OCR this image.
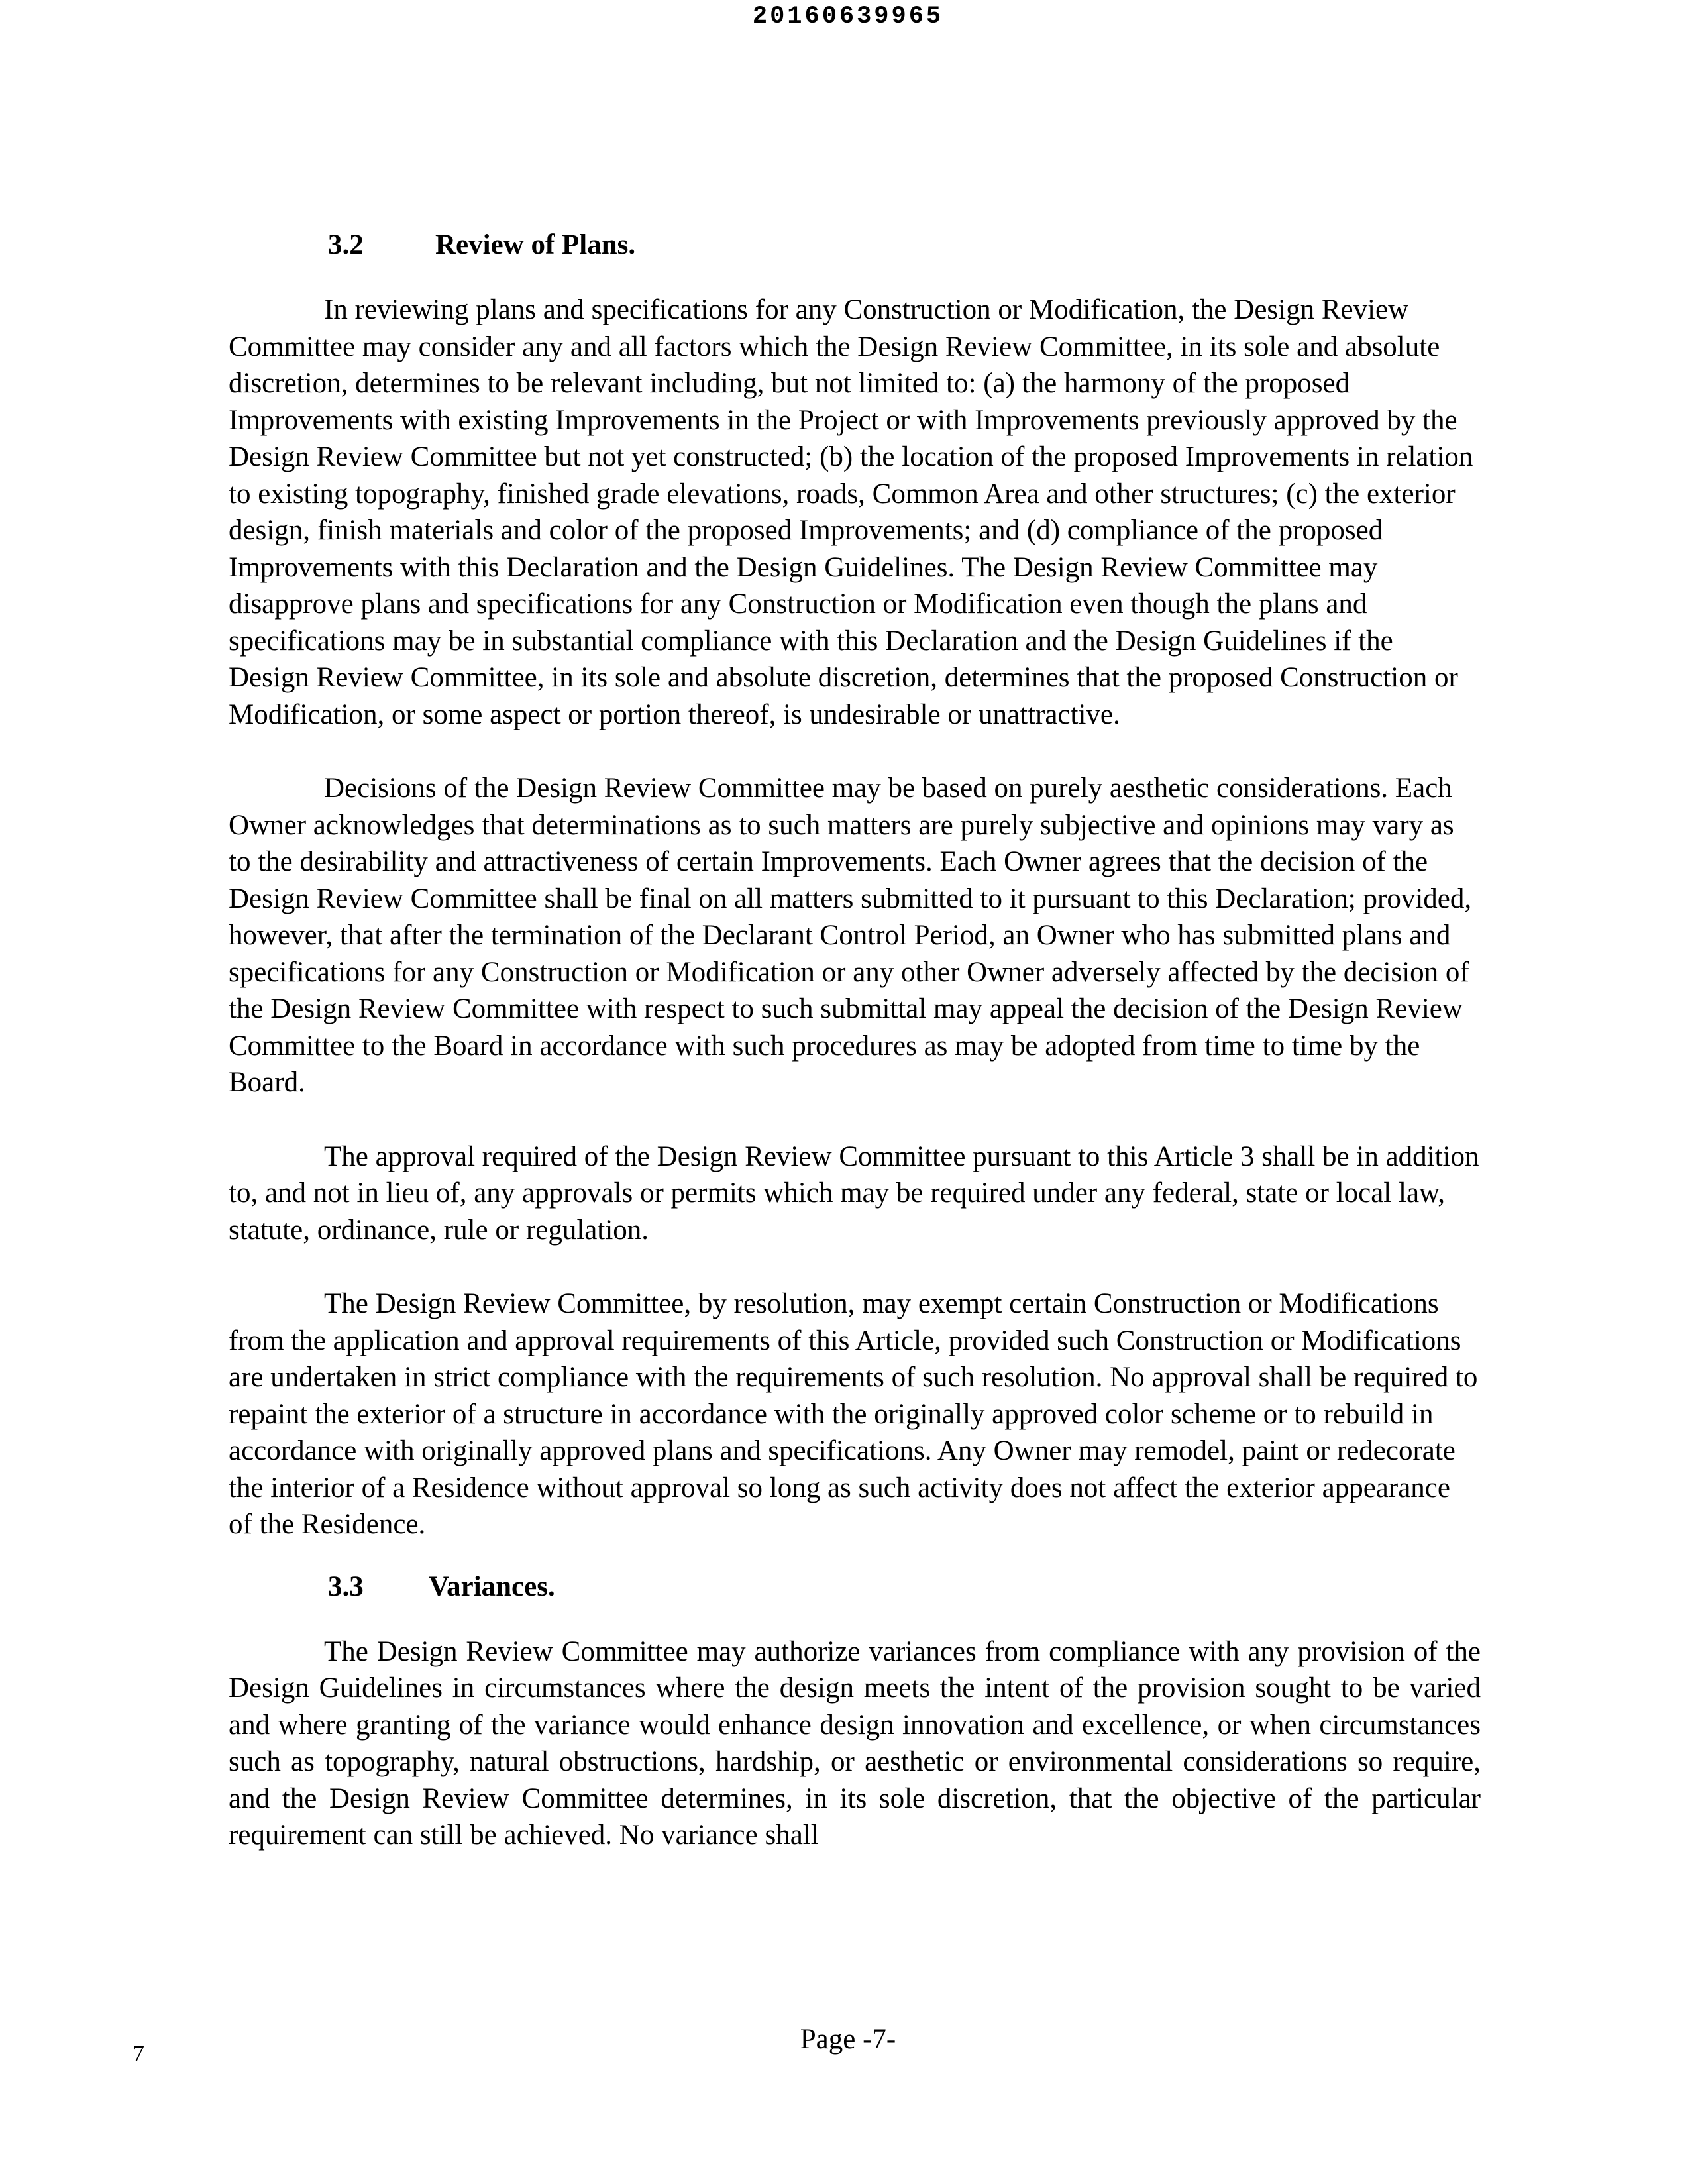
20160639965
3.2	Review of Plans.

In reviewing plans and specifications for any Construction or Modification, the Design Review Committee may consider any and all factors which the Design Review Committee, in its sole and absolute discretion, determines to be relevant including, but not limited to: (a) the harmony of the proposed Improvements with existing Improvements in the Project or with Improvements previously approved by the Design Review Committee but not yet constructed; (b) the location of the proposed Improvements in relation to existing topography, finished grade elevations, roads, Common Area and other structures; (c) the exterior design, finish materials and color of the proposed Improvements; and (d) compliance of the proposed Improvements with this Declaration and the Design Guidelines. The Design Review Committee may disapprove plans and specifications for any Construction or Modification even though the plans and specifications may be in substantial compliance with this Declaration and the Design Guidelines if the Design Review Committee, in its sole and absolute discretion, determines that the proposed Construction or Modification, or some aspect or portion thereof, is undesirable or unattractive.

Decisions of the Design Review Committee may be based on purely aesthetic considerations. Each Owner acknowledges that determinations as to such matters are purely subjective and opinions may vary as to the desirability and attractiveness of certain Improvements. Each Owner agrees that the decision of the Design Review Committee shall be final on all matters submitted to it pursuant to this Declaration; provided, however, that after the termination of the Declarant Control Period, an Owner who has submitted plans and specifications for any Construction or Modification or any other Owner adversely affected by the decision of the Design Review Committee with respect to such submittal may appeal the decision of the Design Review Committee to the Board in accordance with such procedures as may be adopted from time to time by the Board.

The approval required of the Design Review Committee pursuant to this Article 3 shall be in addition to, and not in lieu of, any approvals or permits which may be required under any federal, state or local law, statute, ordinance, rule or regulation.

The Design Review Committee, by resolution, may exempt certain Construction or Modifications from the application and approval requirements of this Article, provided such Construction or Modifications are undertaken in strict compliance with the requirements of such resolution. No approval shall be required to repaint the exterior of a structure in accordance with the originally approved color scheme or to rebuild in accordance with originally approved plans and specifications. Any Owner may remodel, paint or redecorate the interior of a Residence without approval so long as such activity does not affect the exterior appearance of the Residence.

3.3 Variances.

The Design Review Committee may authorize variances from compliance with any provision of the Design Guidelines in circumstances where the design meets the intent of the provision sought to be varied and where granting of the variance would enhance design innovation and excellence, or when circumstances such as topography, natural obstructions, hardship, or aesthetic or environmental considerations so require, and the Design Review Committee determines, in its sole discretion, that the objective of the particular requirement can still be achieved. No variance shall

Page -7-
7
